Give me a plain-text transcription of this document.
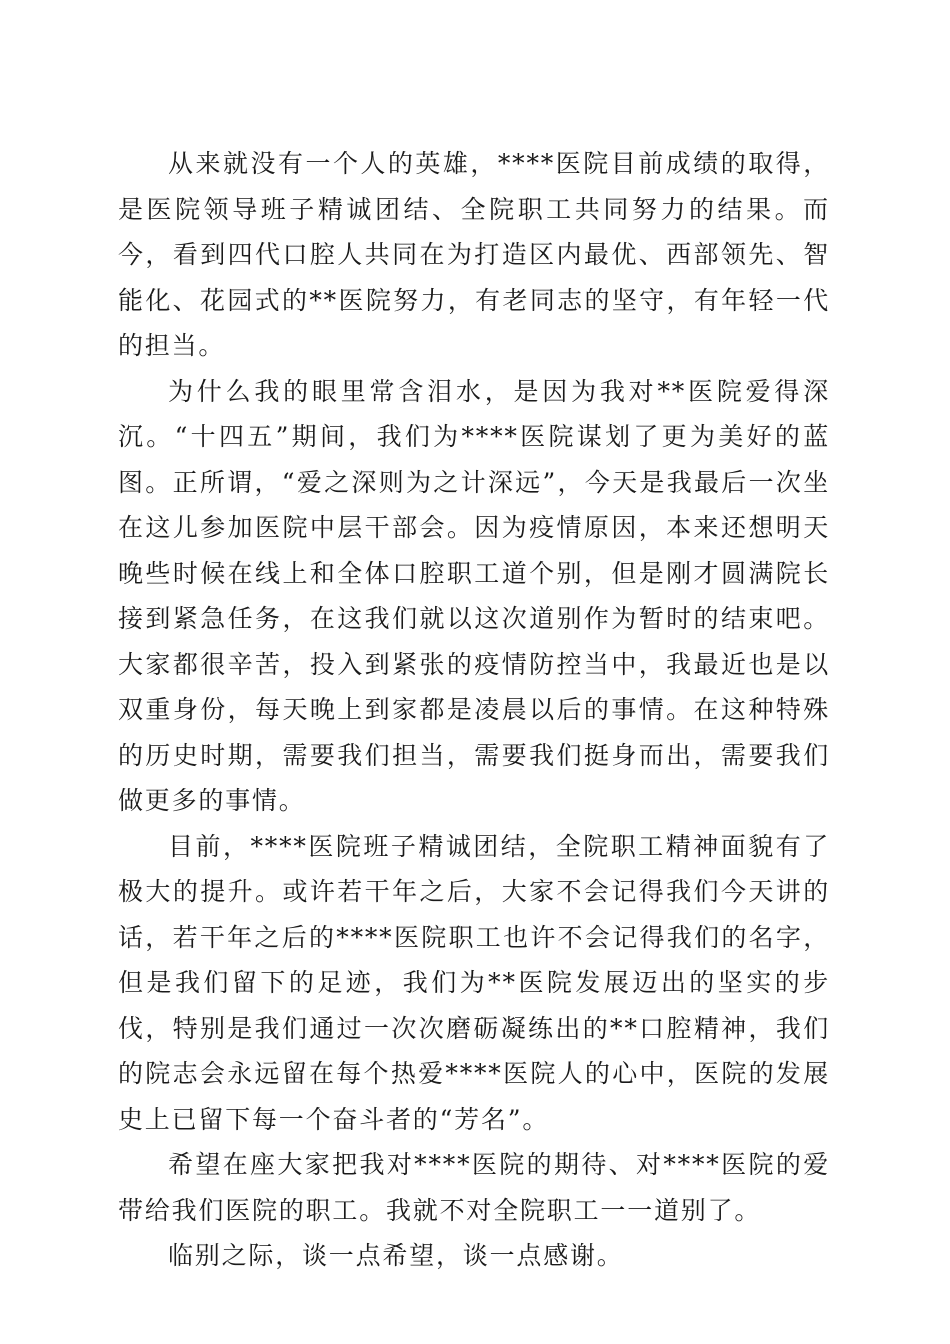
从来就没有一个人的英雄，****医院目前成绩的取得，是医院领导班子精诚团结、全院职工共同努力的结果。而今，看到四代口腔人共同在为打造区内最优、西部领先、智能化、花园式的**医院努力，有老同志的坚守，有年轻一代的担当。

为什么我的眼里常含泪水，是因为我对**医院爱得深沉。“十四五”期间，我们为****医院谋划了更为美好的蓝图。正所谓，“爱之深则为之计深远”，今天是我最后一次坐在这儿参加医院中层干部会。因为疫情原因，本来还想明天晚些时候在线上和全体口腔职工道个别，但是刚才圆满院长接到紧急任务，在这我们就以这次道别作为暂时的结束吧。大家都很辛苦，投入到紧张的疫情防控当中，我最近也是以双重身份，每天晚上到家都是凌晨以后的事情。在这种特殊的历史时期，需要我们担当，需要我们挺身而出，需要我们做更多的事情。

目前，****医院班子精诚团结，全院职工精神面貌有了极大的提升。或许若干年之后，大家不会记得我们今天讲的话，若干年之后的****医院职工也许不会记得我们的名字，但是我们留下的足迹，我们为**医院发展迈出的坚实的步伐，特别是我们通过一次次磨砺凝练出的**口腔精神，我们的院志会永远留在每个热爱****医院人的心中，医院的发展史上已留下每一个奋斗者的“芳名”。

希望在座大家把我对****医院的期待、对****医院的爱带给我们医院的职工。我就不对全院职工一一道别了。

临别之际，谈一点希望，谈一点感谢。
